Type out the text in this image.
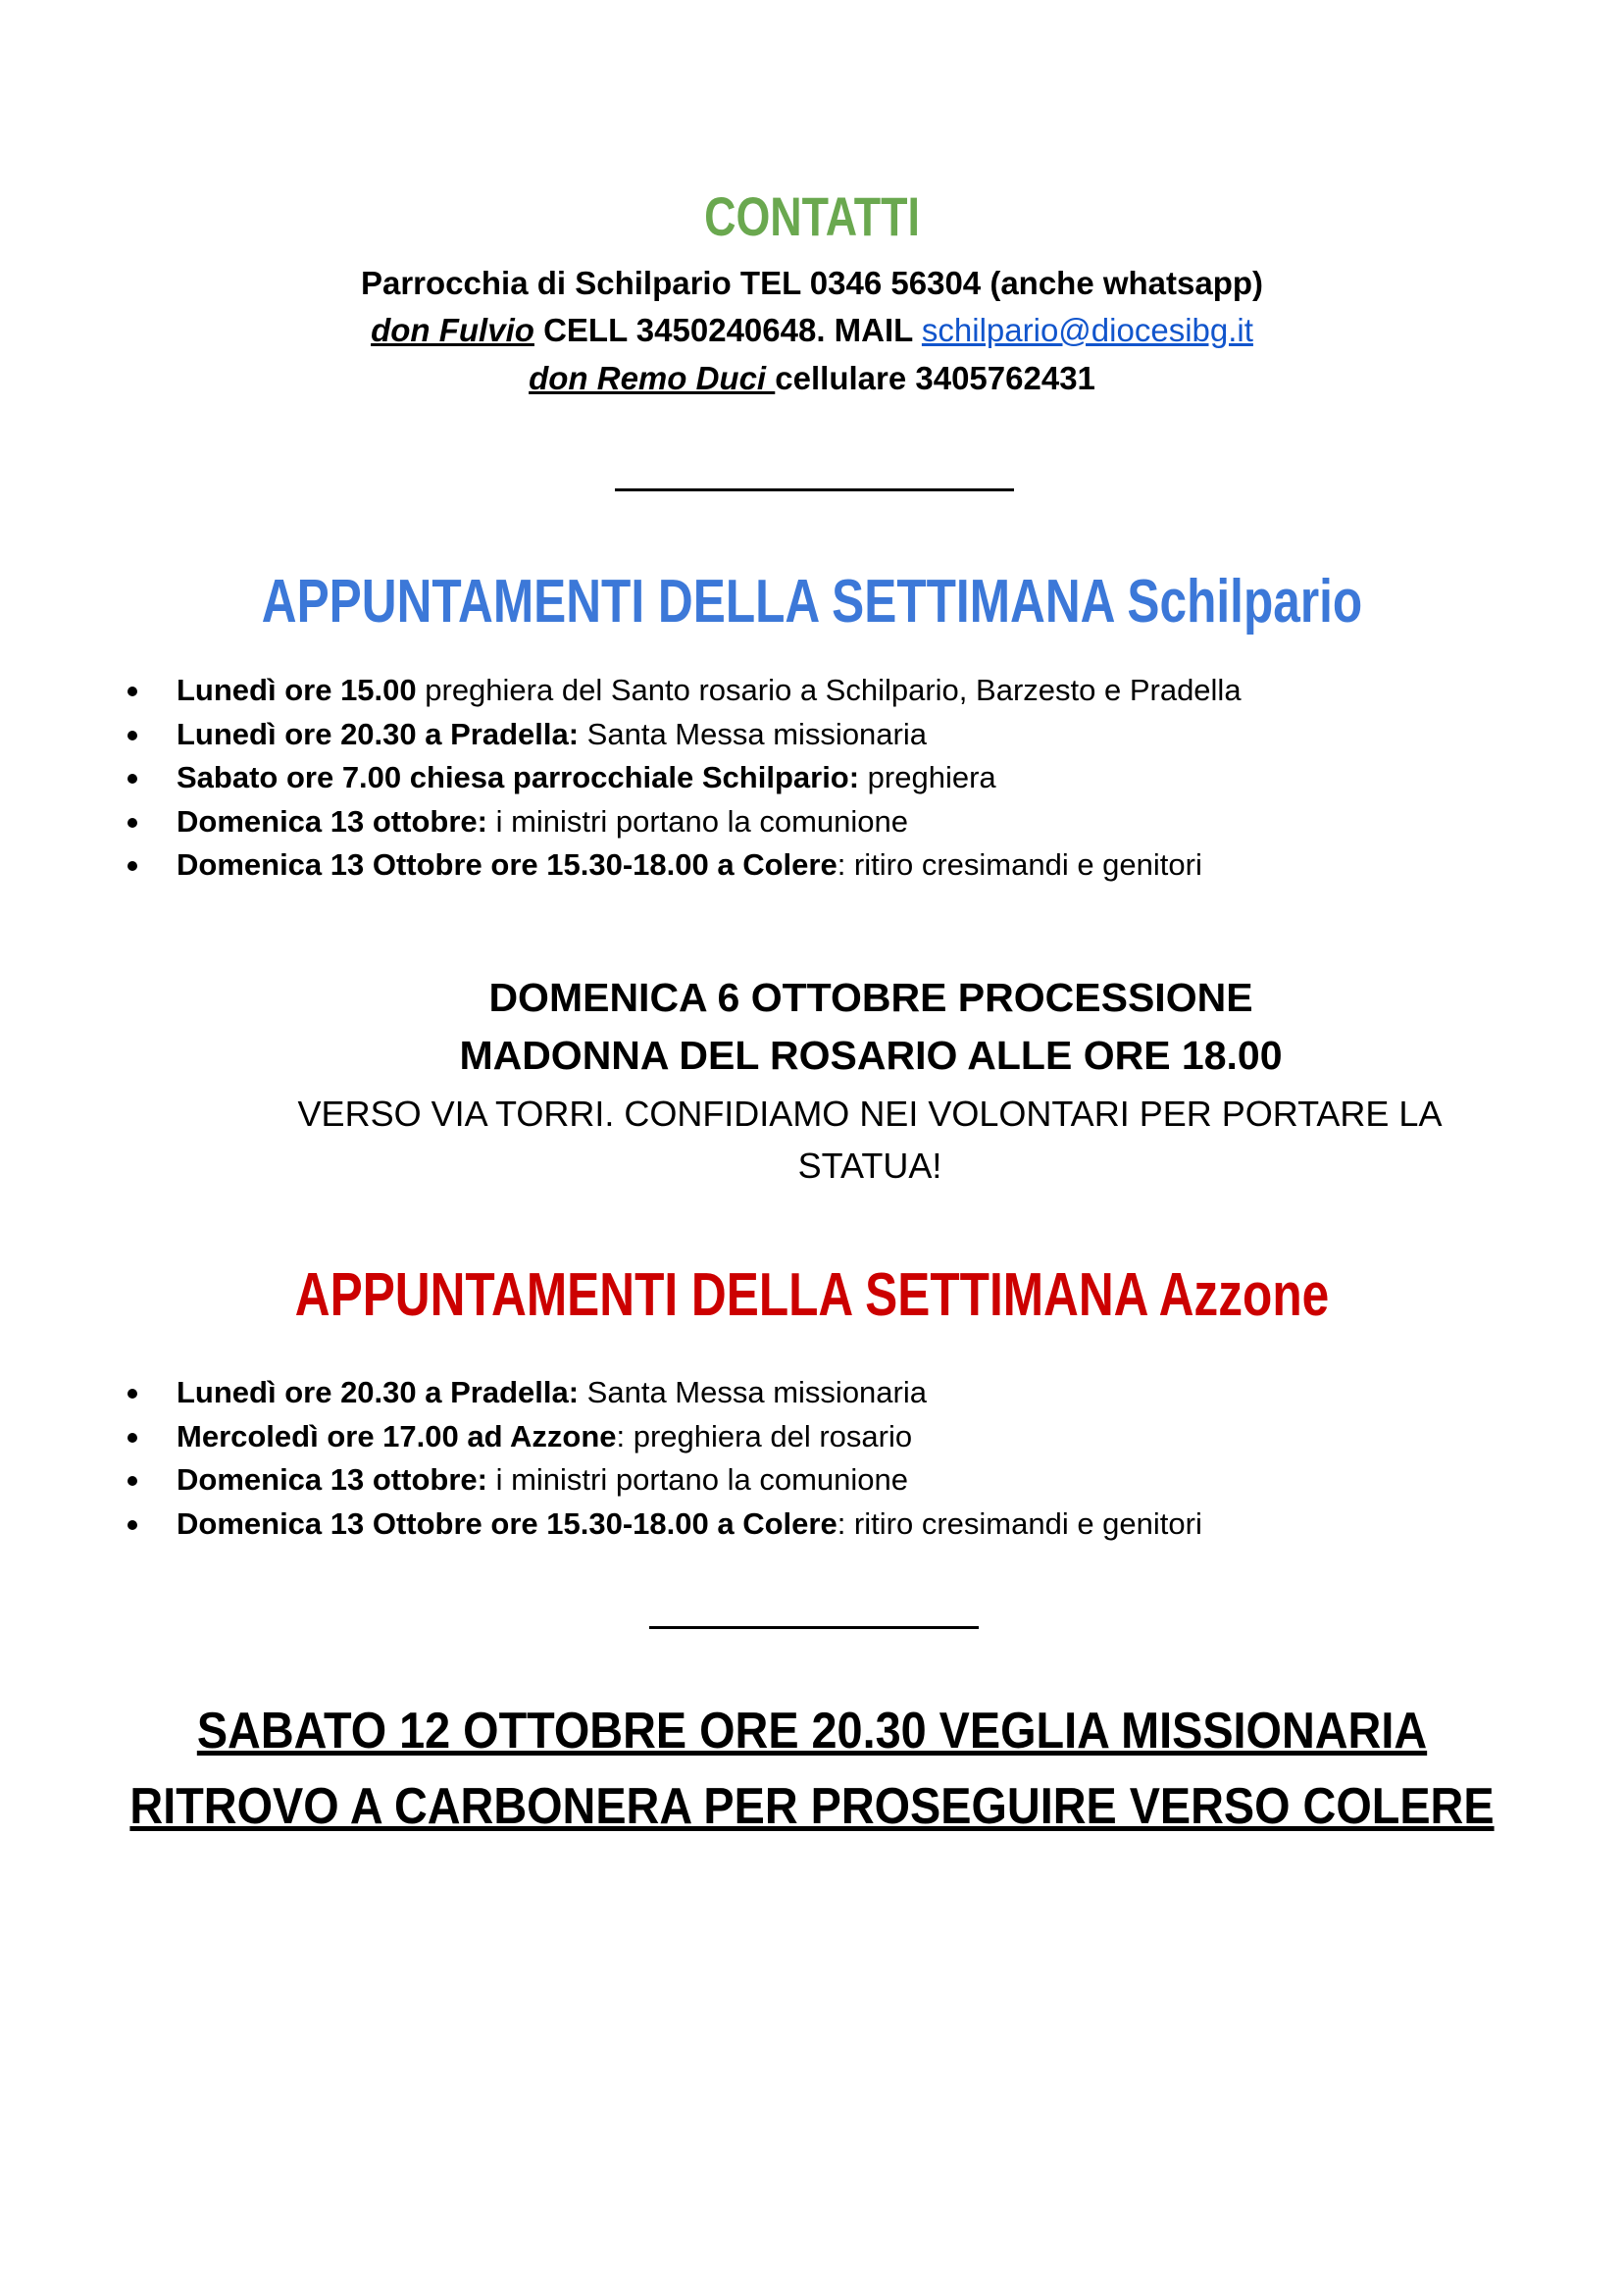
CONTATTI
Parrocchia di Schilpario TEL 0346 56304 (anche whatsapp)
don Fulvio CELL 3450240648. MAIL schilpario@diocesibg.it
don Remo Duci cellulare 3405762431
APPUNTAMENTI DELLA SETTIMANA Schilpario
Lunedì ore 15.00 preghiera del Santo rosario a Schilpario, Barzesto e Pradella
Lunedì ore 20.30 a Pradella: Santa Messa missionaria
Sabato ore 7.00 chiesa parrocchiale Schilpario: preghiera
Domenica 13 ottobre: i ministri portano la comunione
Domenica 13 Ottobre ore 15.30-18.00 a Colere: ritiro cresimandi e genitori
DOMENICA 6 OTTOBRE PROCESSIONE
MADONNA DEL ROSARIO ALLE ORE 18.00
VERSO VIA TORRI. CONFIDIAMO NEI VOLONTARI PER PORTARE LA
STATUA!
APPUNTAMENTI DELLA SETTIMANA Azzone
Lunedì ore 20.30 a Pradella: Santa Messa missionaria
Mercoledì ore 17.00 ad Azzone: preghiera del rosario
Domenica 13 ottobre: i ministri portano la comunione
Domenica 13 Ottobre ore 15.30-18.00 a Colere: ritiro cresimandi e genitori
SABATO 12 OTTOBRE ORE 20.30 VEGLIA MISSIONARIA
RITROVO A CARBONERA PER PROSEGUIRE VERSO COLERE
